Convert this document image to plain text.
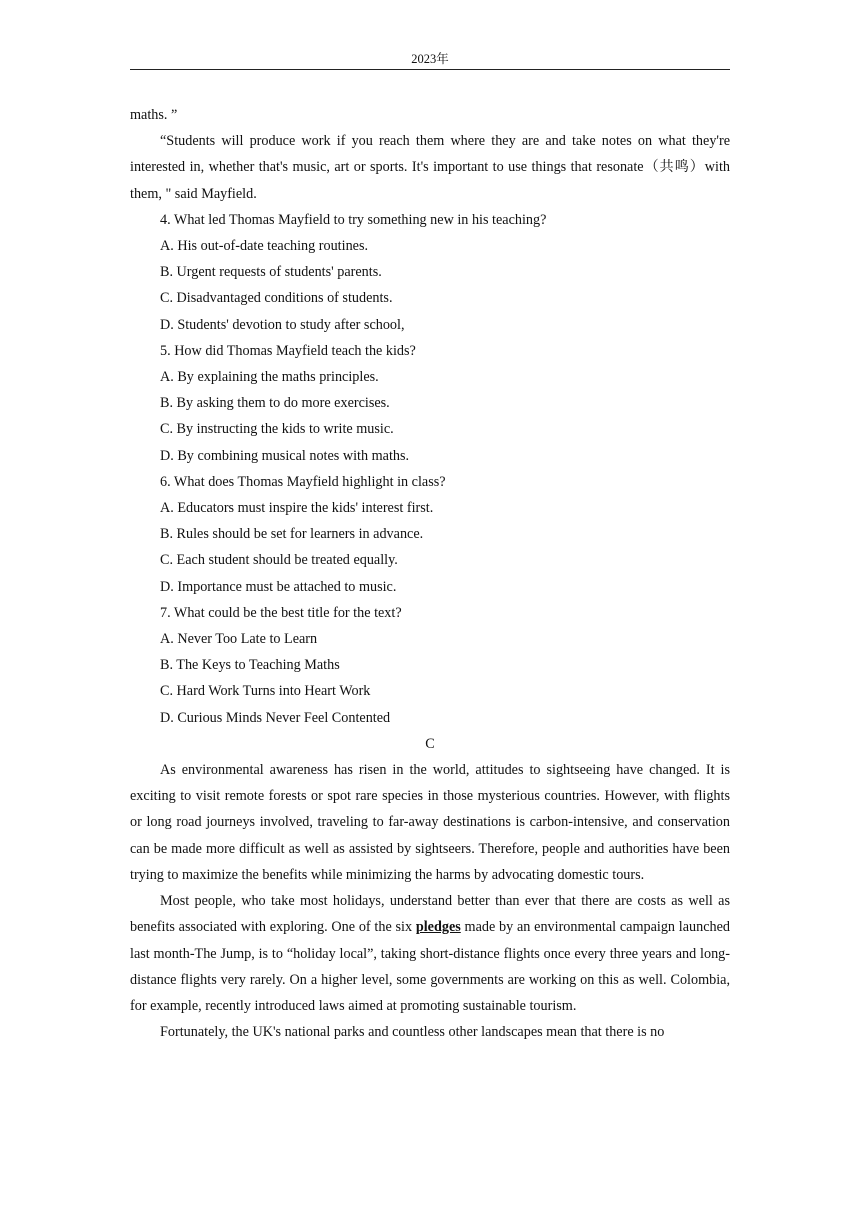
2023年

maths. ”

“Students will produce work if you reach them where they are and take notes on what they're interested in, whether that's music, art or sports. It's important to use things that resonate（共鸣）with them, " said Mayfield.

4. What led Thomas Mayfield to try something new in his teaching?

A. His out-of-date teaching routines.

B. Urgent requests of students' parents.

C. Disadvantaged conditions of students.

D. Students' devotion to study after school,

5. How did Thomas Mayfield teach the kids?

A. By explaining the maths principles.

B. By asking them to do more exercises.

C. By instructing the kids to write music.

D. By combining musical notes with maths.

6. What does Thomas Mayfield highlight in class?

A. Educators must inspire the kids' interest first.

B. Rules should be set for learners in advance.

C. Each student should be treated equally.

D. Importance must be attached to music.

7. What could be the best title for the text?

A. Never Too Late to Learn

B. The Keys to Teaching Maths

C. Hard Work Turns into Heart Work

D. Curious Minds Never Feel Contented

C

As environmental awareness has risen in the world, attitudes to sightseeing have changed. It is exciting to visit remote forests or spot rare species in those mysterious countries. However, with flights or long road journeys involved, traveling to far-away destinations is carbon-intensive, and conservation can be made more difficult as well as assisted by sightseers. Therefore, people and authorities have been trying to maximize the benefits while minimizing the harms by advocating domestic tours.

Most people, who take most holidays, understand better than ever that there are costs as well as benefits associated with exploring. One of the six pledges made by an environmental campaign launched last month-The Jump, is to “holiday local”, taking short-distance flights once every three years and long-distance flights very rarely. On a higher level, some governments are working on this as well. Colombia, for example, recently introduced laws aimed at promoting sustainable tourism.

Fortunately, the UK's national parks and countless other landscapes mean that there is no
